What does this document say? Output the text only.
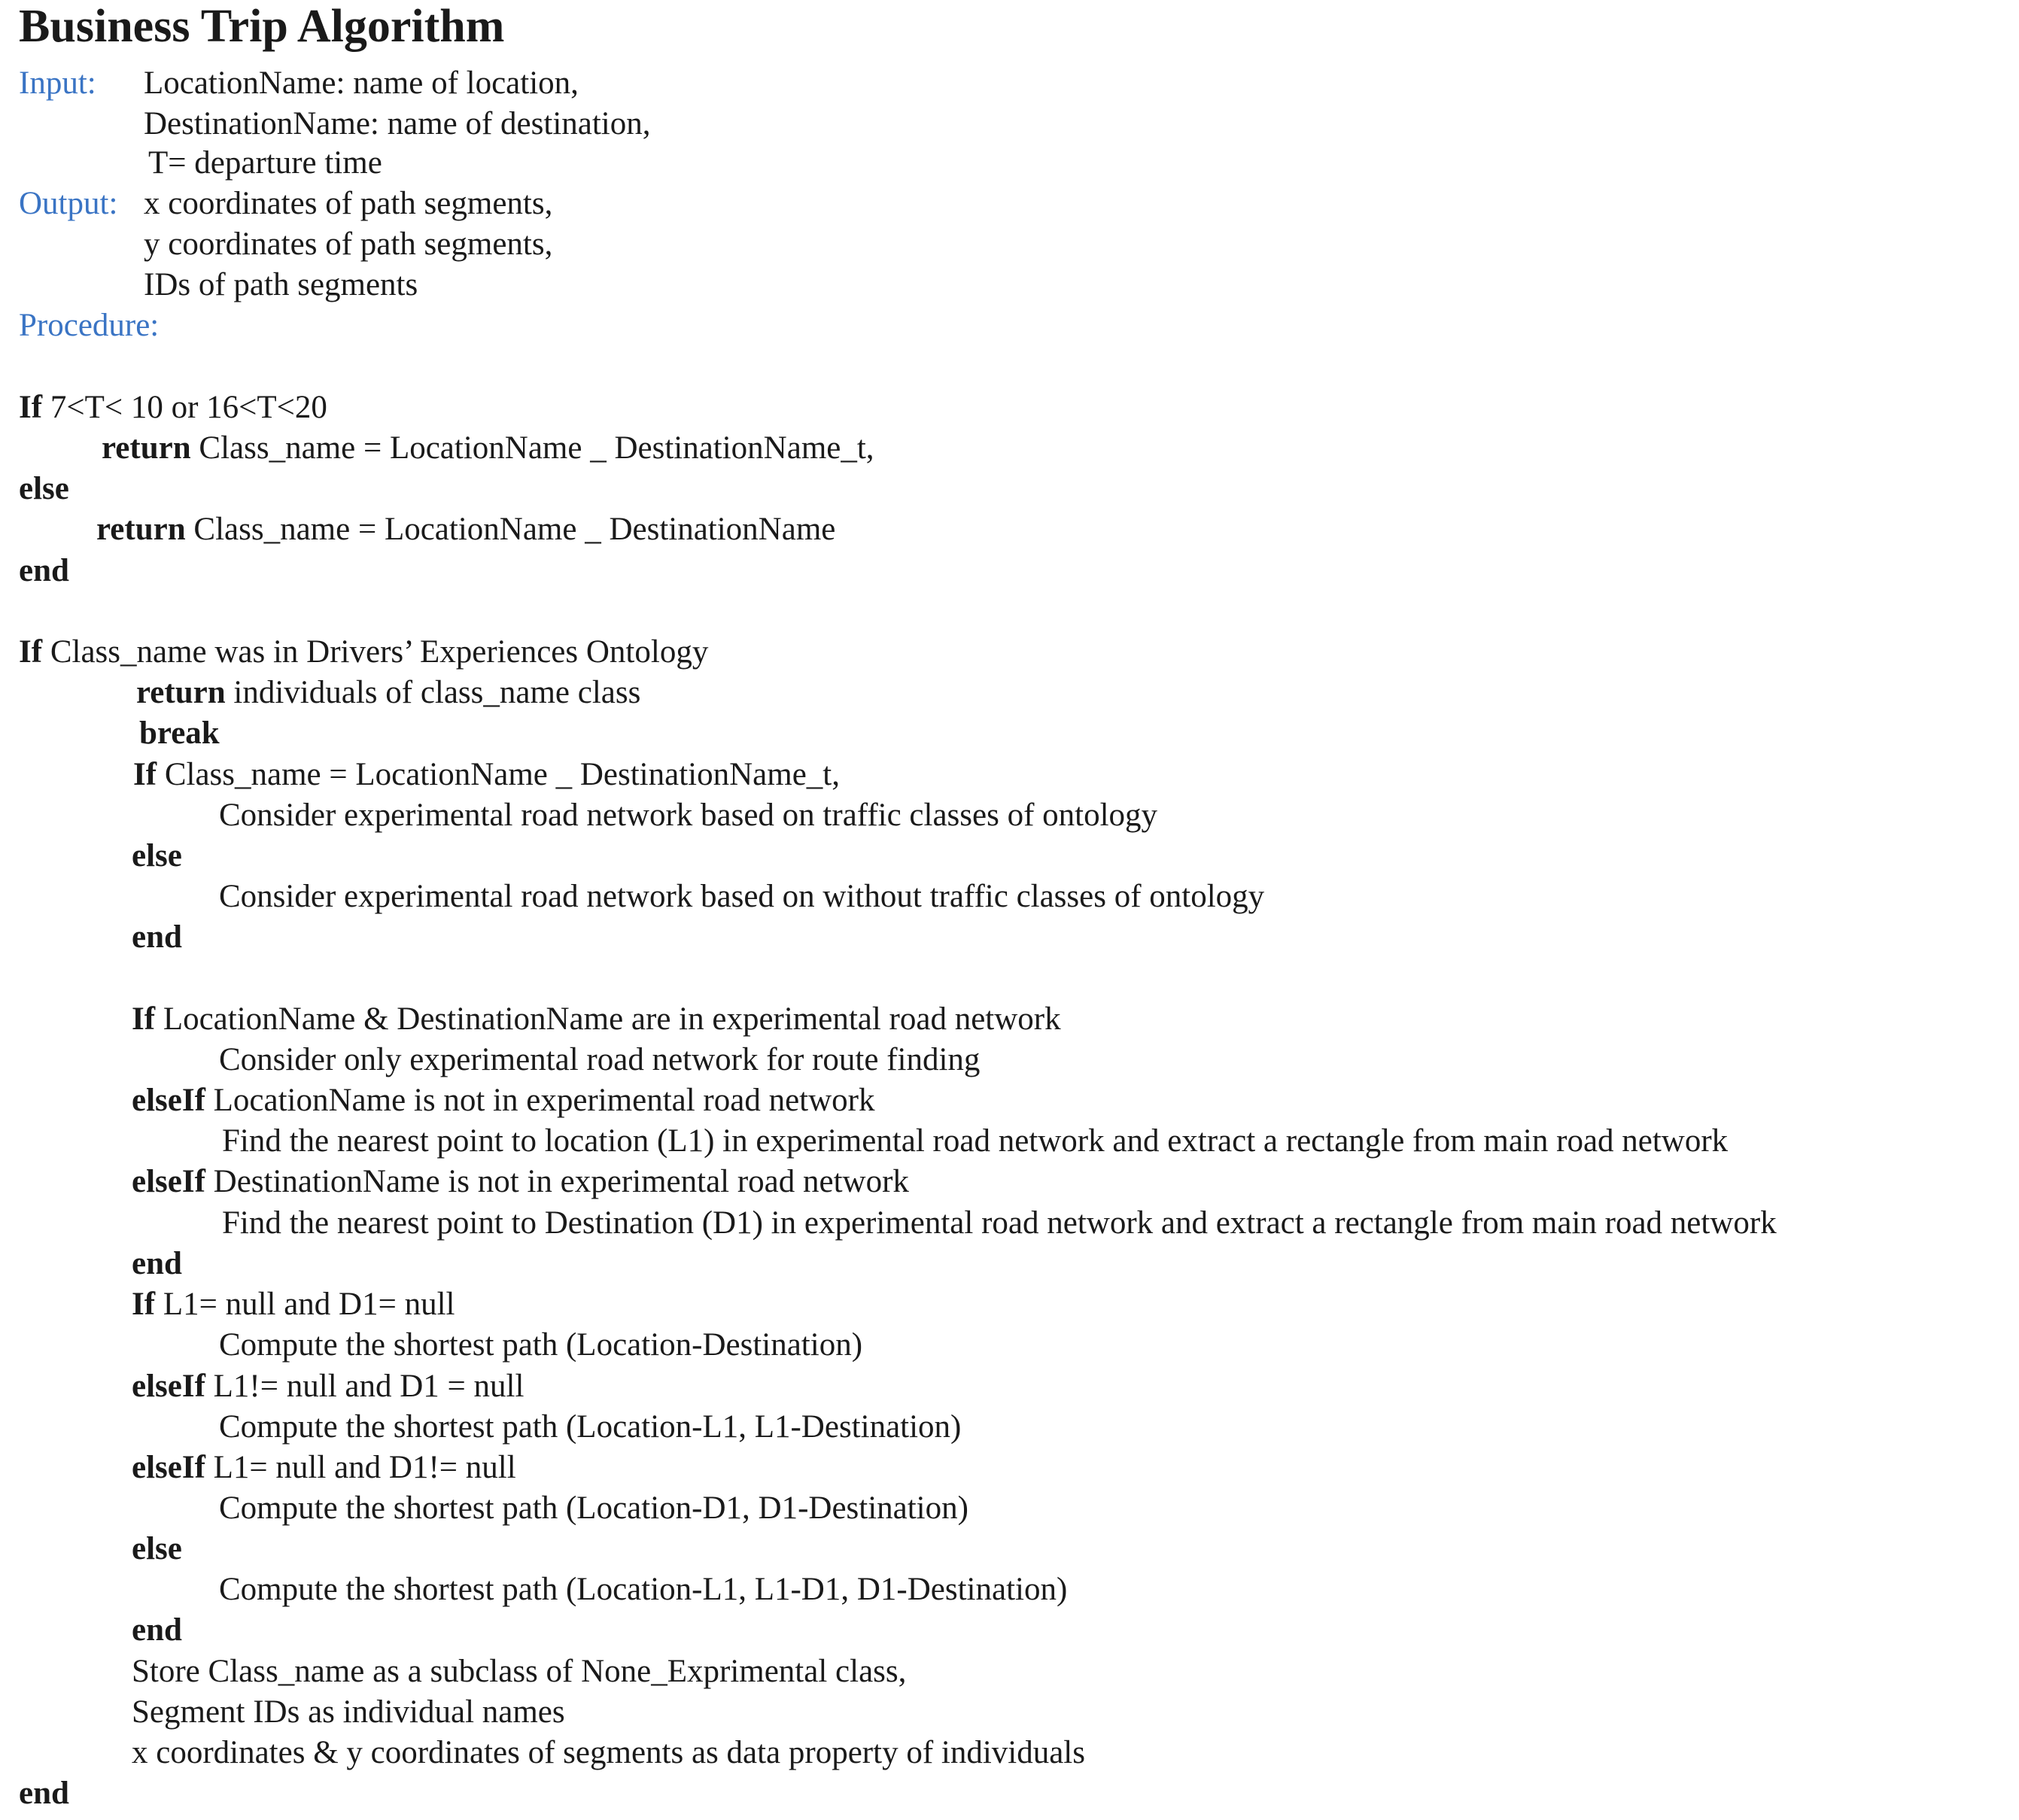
Business Trip Algorithm
Input: LocationName: name of location,
DestinationName: name of destination,
T= departure time
Output: x coordinates of path segments,
y coordinates of path segments,
IDs of path segments
Procedure:
If 7<T< 10 or 16<T<20
return Class_name = LocationName _ DestinationName_t,
else
return Class_name = LocationName _ DestinationName
end
If Class_name was in Drivers’ Experiences Ontology
return individuals of class_name class
break
If Class_name = LocationName _ DestinationName_t,
Consider experimental road network based on traffic classes of ontology
else
Consider experimental road network based on without traffic classes of ontology
end
If LocationName & DestinationName are in experimental road network
Consider only experimental road network for route finding
elseIf LocationName is not in experimental road network
Find the nearest point to location (L1) in experimental road network and extract a rectangle from main road network
elseIf DestinationName is not in experimental road network
Find the nearest point to Destination (D1) in experimental road network and extract a rectangle from main road network
end
If L1= null and D1= null
Compute the shortest path (Location-Destination)
elseIf L1!= null and D1 = null
Compute the shortest path (Location-L1, L1-Destination)
elseIf L1= null and D1!= null
Compute the shortest path (Location-D1, D1-Destination)
else
Compute the shortest path (Location-L1, L1-D1, D1-Destination)
end
Store Class_name as a subclass of None_Exprimental class,
Segment IDs as individual names
x coordinates & y coordinates of segments as data property of individuals
end
